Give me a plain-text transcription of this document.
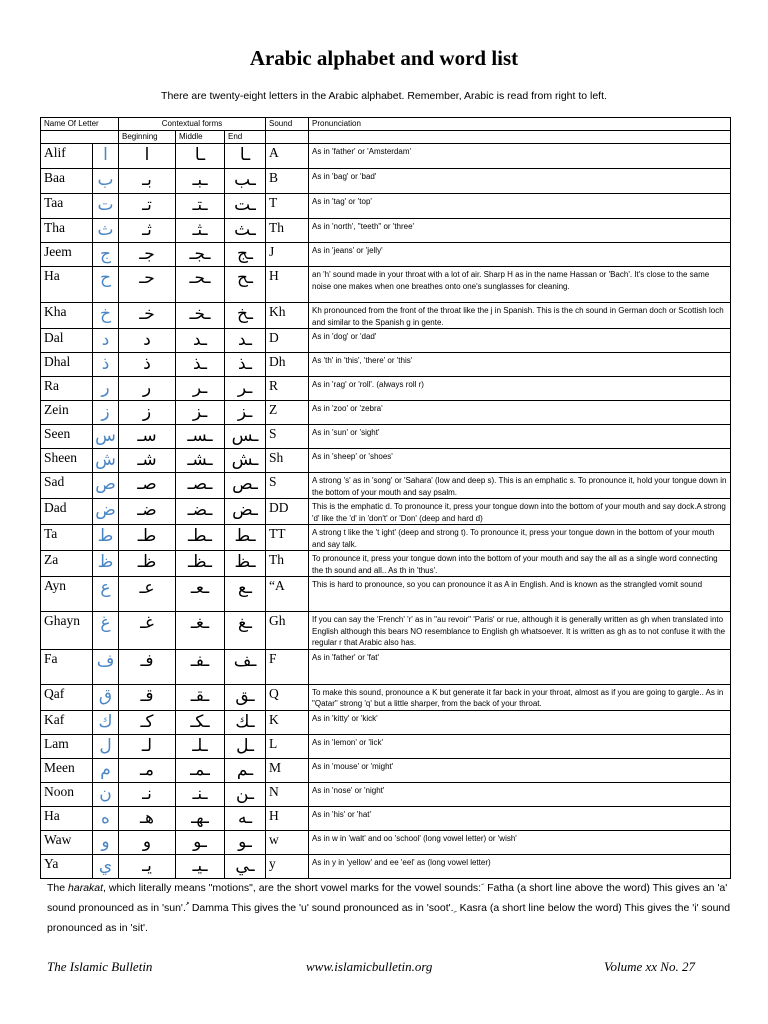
Arabic alphabet and word list
There are twenty-eight letters in the Arabic alphabet. Remember, Arabic is read from right to left.
Name Of Letter		Contextual forms			Sound	Pronunciation
		Beginning	Middle	End		
Alif	ا	ا	ـا	ـا	A	As in 'father' or 'Amsterdam'
Baa	ب	بـ	ـبـ	ـب	B	As in 'bag' or 'bad'
Taa	ت	تـ	ـتـ	ـت	T	As in 'tag' or 'top'
Tha	ث	ثـ	ـثـ	ـث	Th	As in 'north', "teeth" or 'three'
Jeem	ج	جـ	ـجـ	ـج	J	As in 'jeans' or 'jelly'
Ha	ح	حـ	ـحـ	ـح	H	an 'h' sound made in your throat with a lot of air. Sharp H as in the name Hassan or 'Bach'. It's close to the same noise one makes when one breathes onto one's sunglasses for cleaning.
Kha	خ	خـ	ـخـ	ـخ	Kh	Kh pronounced from the front of the throat like the j in Spanish. This is the ch sound in German doch or Scottish loch and similar to the Spanish g in gente.
Dal	د	د	ـد	ـد	D	As in 'dog' or 'dad'
Dhal	ذ	ذ	ـذ	ـذ	Dh	As 'th' in 'this', 'there' or 'this'
Ra	ر	ر	ـر	ـر	R	As in 'rag' or 'roll'. (always roll r)
Zein	ز	ز	ـز	ـز	Z	As in 'zoo' or 'zebra'
Seen	س	سـ	ـسـ	ـس	S	As in 'sun' or 'sight'
Sheen	ش	شـ	ـشـ	ـش	Sh	As in 'sheep' or 'shoes'
Sad	ص	صـ	ـصـ	ـص	S	A strong 's' as in 'song' or 'Sahara' (low and deep s). This is an emphatic s. To pronounce it, hold your tongue down in the bottom of your mouth and say psalm.
Dad	ض	ضـ	ـضـ	ـض	DD	This is the emphatic d. To pronounce it, press your tongue down into the bottom of your mouth and say dock.A strong 'd' like the 'd' in 'don't' or 'Don' (deep and hard d)
Ta	ط	طـ	ـطـ	ـط	TT	A strong t like the 't ight' (deep and strong t). To pronounce it, press your tongue down in the bottom of your mouth and say talk.
Za	ظ	ظـ	ـظـ	ـظ	Th	To pronounce it, press your tongue down into the bottom of your mouth and say the all as a single word connecting the th sound and all.. As th in 'thus'.
Ayn	ع	عـ	ـعـ	ـع	“A	This is hard to pronounce, so you can pronounce it as A in English. And is known as the strangled vomit sound
Ghayn	غ	غـ	ـغـ	ـغ	Gh	If you can say the 'French' 'r' as in "au revoir" 'Paris' or rue, although it is generally written as gh when translated into English although this bears NO resemblance to English gh whatsoever. It is written as gh as to not confuse it with the regular r that Arabic also has.
Fa	ف	فـ	ـفـ	ـف	F	As in 'father' or 'fat'
Qaf	ق	قـ	ـقـ	ـق	Q	To make this sound, pronounce a K but generate it far back in your throat, almost as if you are going to gargle.. As in "Qatar" strong 'q' but a little sharper, from the back of your throat.
Kaf	ك	كـ	ـكـ	ـك	K	As in 'kitty' or 'kick'
Lam	ل	لـ	ـلـ	ـل	L	As in 'lemon' or 'lick'
Meen	م	مـ	ـمـ	ـم	M	As in 'mouse' or 'might'
Noon	ن	نـ	ـنـ	ـن	N	As in 'nose' or 'night'
Ha	ه	هـ	ـهـ	ـه	H	As in 'his' or 'hat'
Waw	و	و	ـو	ـو	w	As in w in 'walt' and oo 'school' (long vowel letter) or 'wish'
Ya	ي	يـ	ـيـ	ـي	y	As in y in 'yellow' and ee 'eel' as (long vowel letter)
The harakat, which literally means "motions", are the short vowel marks for the vowel sounds: َ Fatha (a short line above the word) This gives an 'a' sound pronounced as in 'sun'. ُ Damma This gives the 'u' sound pronounced as in 'soot'. ِ Kasra (a short line below the word) This gives the 'i' sound pronounced as in 'sit'.
The Islamic Bulletin	www.islamicbulletin.org	Volume xx No. 27
